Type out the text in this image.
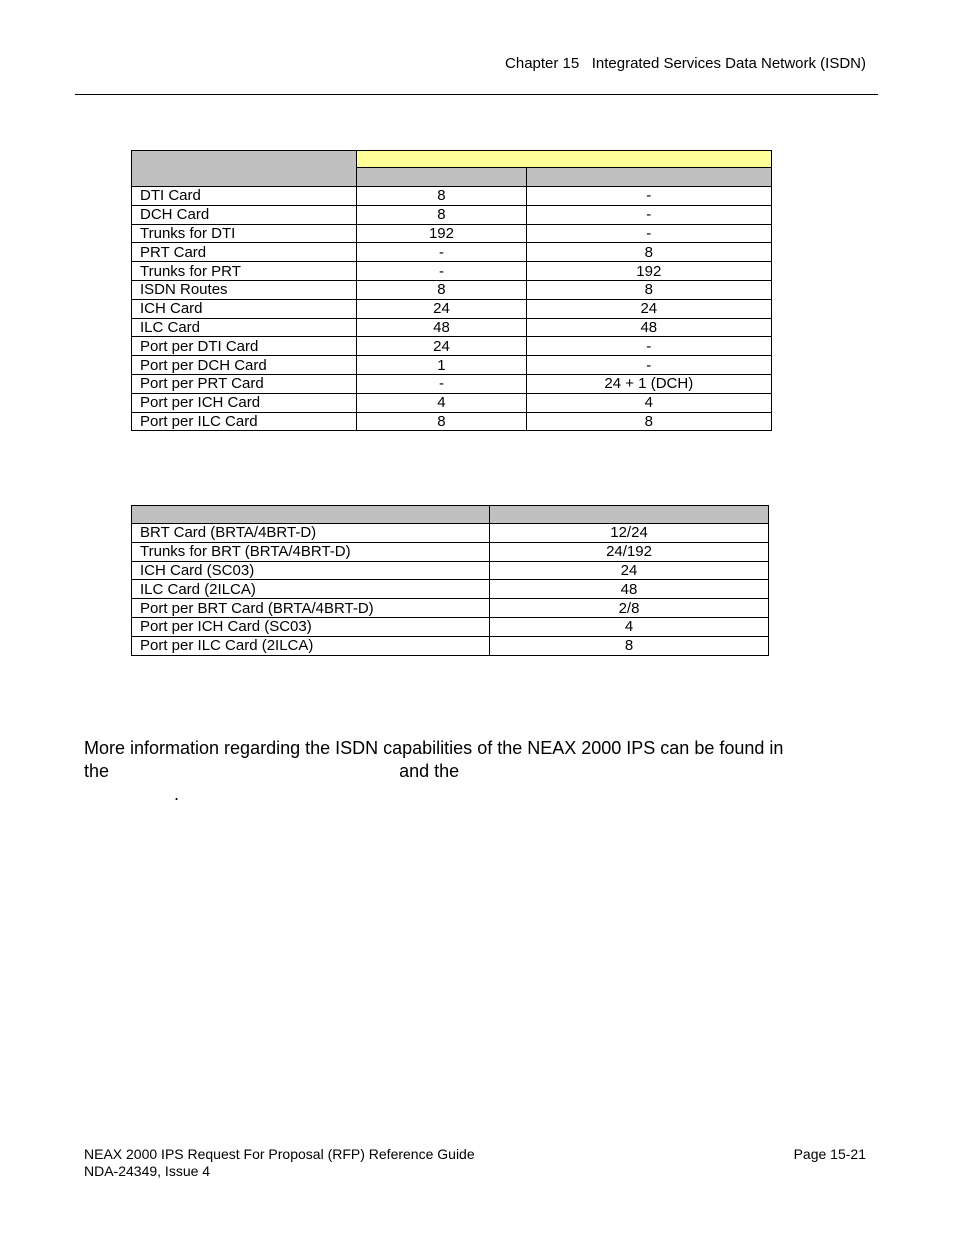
Chapter 15   Integrated Services Data Network (ISDN)

DTI Card	8	-
DCH Card	8	-
Trunks for DTI	192	-
PRT Card	-	8
Trunks for PRT	-	192
ISDN Routes	8	8
ICH Card	24	24
ILC Card	48	48
Port per DTI Card	24	-
Port per DCH Card	1	-
Port per PRT Card	-	24 + 1 (DCH)
Port per ICH Card	4	4
Port per ILC Card	8	8

BRT Card (BRTA/4BRT-D)	12/24
Trunks for BRT (BRTA/4BRT-D)	24/192
ICH Card (SC03)	24
ILC Card (2ILCA)	48
Port per BRT Card (BRTA/4BRT-D)	2/8
Port per ICH Card (SC03)	4
Port per ILC Card (2ILCA)	8
More information regarding the ISDN capabilities of the NEAX 2000 IPS can be found in
the                                                          and the
.
NEAX 2000 IPS Request For Proposal (RFP) Reference Guide
NDA-24349, Issue 4
Page 15-21
